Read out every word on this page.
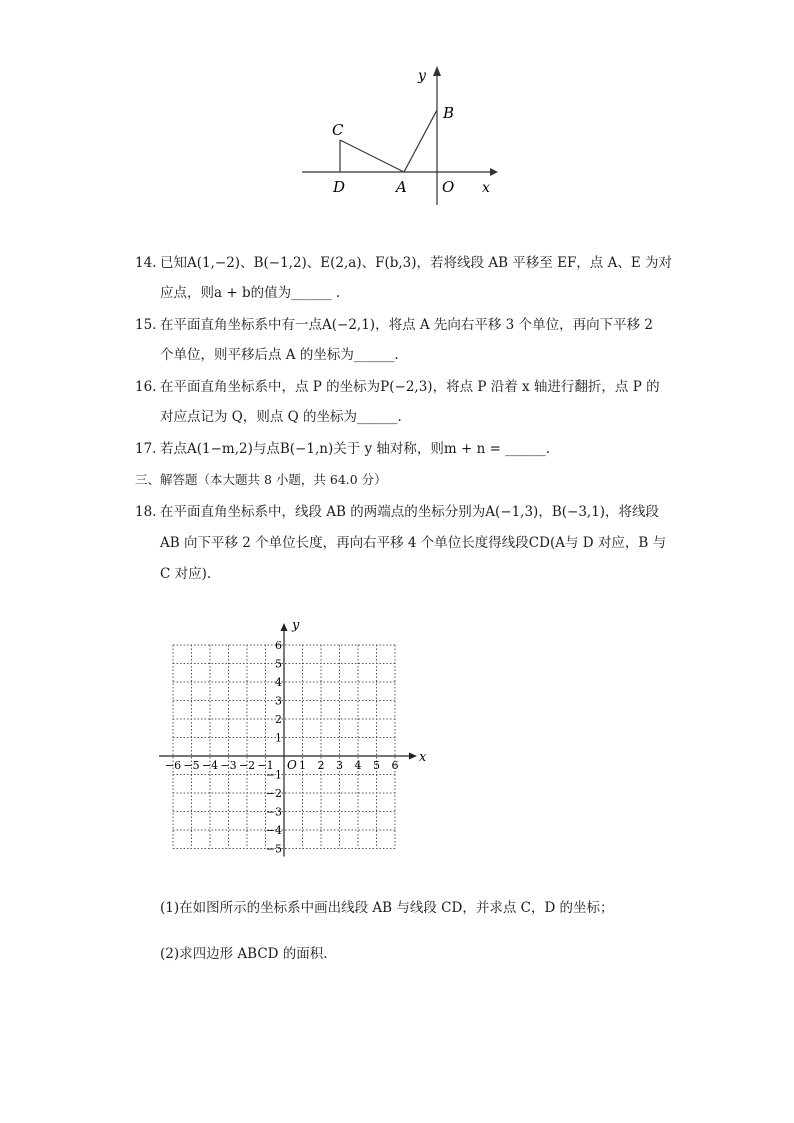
y
x
B
C
D	A O
14. 已知A(1,−2)、B(−1,2)、E(2,a)、F(b,3)，若将线段 AB 平移至 EF，点 A、E 为对
应点，则a + b的值为______ .
15. 在平面直角坐标系中有一点A(−2,1)，将点 A 先向右平移 3 个单位，再向下平移 2
个单位，则平移后点 A 的坐标为______.
16. 在平面直角坐标系中，点 P 的坐标为P(−2,3)，将点 P 沿着 x 轴进行翻折，点 P 的
对应点记为 Q，则点 Q 的坐标为______.
17. 若点A(1−m,2)与点B(−1,n)关于 y 轴对称，则m + n = ______.
三、解答题（本大题共 8 小题，共 64.0 分）
18. 在平面直角坐标系中，线段 AB 的两端点的坐标分别为A(−1,3)，B(−3,1)，将线段
AB 向下平移 2 个单位长度，再向右平移 4 个单位长度得线段CD(A与 D 对应，B 与
C 对应).
x
y
O
−6 −5 −4 −3 −2 −1 1 2 3 4 5 6
6
5
4
3
2
1
−1
−2
−3
−4
−5
(1)在如图所示的坐标系中画出线段 AB 与线段 CD，并求点 C，D 的坐标；
(2)求四边形 ABCD 的面积.
